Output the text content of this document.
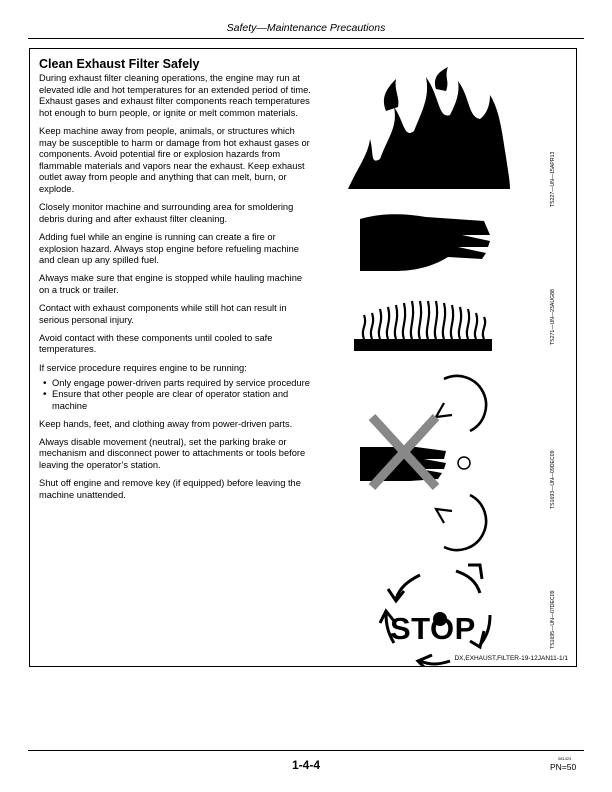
Safety—Maintenance Precautions
Clean Exhaust Filter Safely

During exhaust filter cleaning operations, the engine may run at elevated idle and hot temperatures for an extended period of time. Exhaust gases and exhaust filter components reach temperatures hot enough to burn people, or ignite or melt common materials.

Keep machine away from people, animals, or structures which may be susceptible to harm or damage from hot exhaust gases or components. Avoid potential fire or explosion hazards from flammable materials and vapors near the exhaust. Keep exhaust outlet away from people and anything that can melt, burn, or explode.

Closely monitor machine and surrounding area for smoldering debris during and after exhaust filter cleaning.

Adding fuel while an engine is running can create a fire or explosion hazard. Always stop engine before refueling machine and clean up any spilled fuel.

Always make sure that engine is stopped while hauling machine on a truck or trailer.

Contact with exhaust components while still hot can result in serious personal injury.

Avoid contact with these components until cooled to safe temperatures.

If service procedure requires engine to be running:

• Only engage power-driven parts required by service procedure
• Ensure that other people are clear of operator station and machine

Keep hands, feet, and clothing away from power-driven parts.

Always disable movement (neutral), set the parking brake or mechanism and disconnect power to attachments or tools before leaving the operator’s station.

Shut off engine and remove key (if equipped) before leaving the machine unattended.

TS227—UN—15APR13
TS271—UN—23AUG88
TS1693—UN—09DEC09
TS1695—UN—07DEC09
STOP
DX,EXHAUST,FILTER-19-12JAN11-1/1
1-4-4	081423
PN=50
